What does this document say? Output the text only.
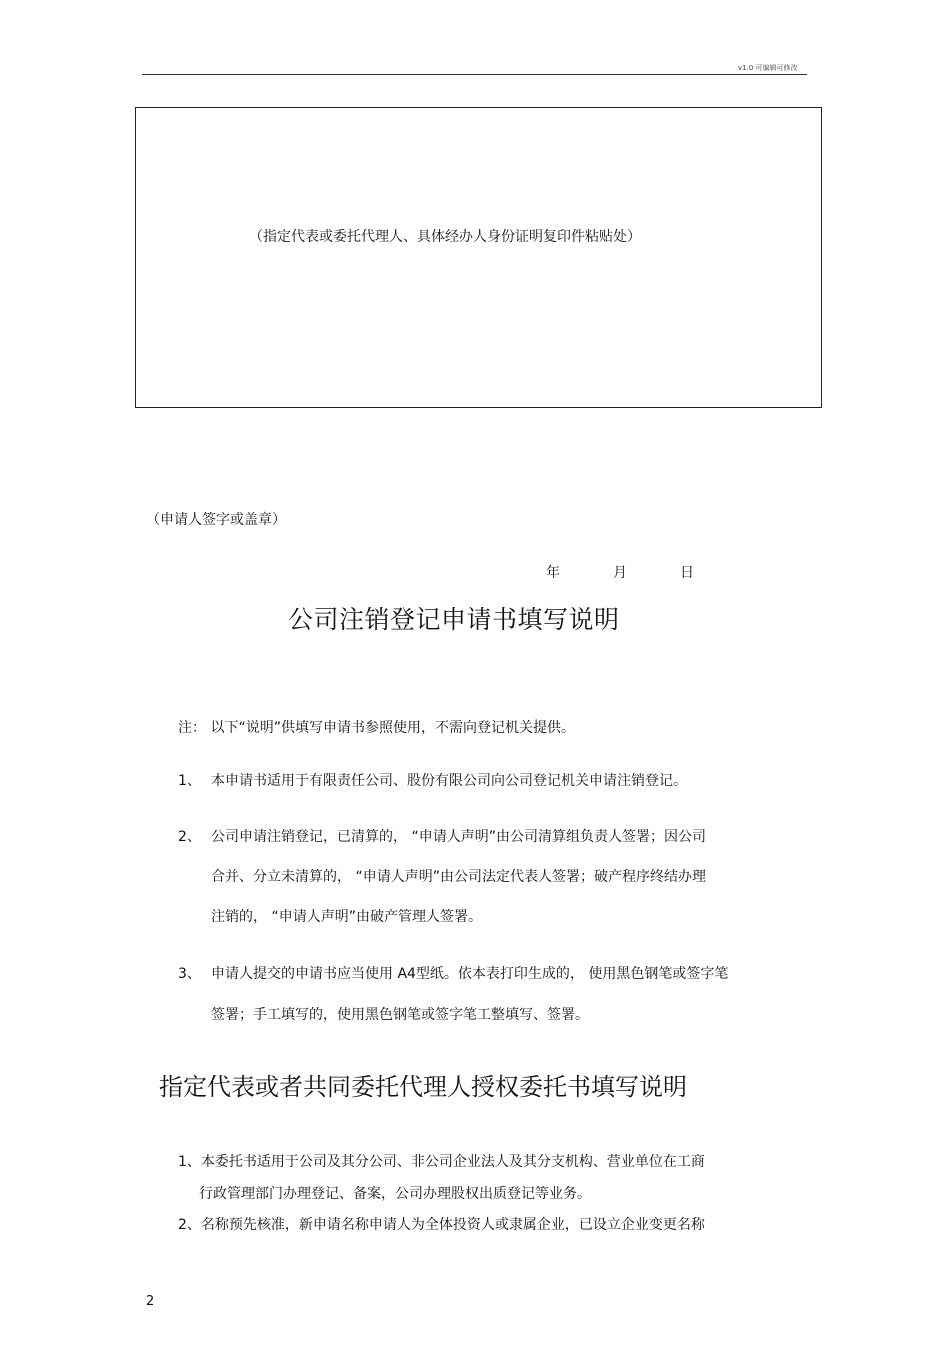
v1.0 可编辑可修改
（指定代表或委托代理人、具体经办人身份证明复印件粘贴处）
（申请人签字或盖章）
年	月	日
公司注销登记申请书填写说明
注： 以下“说明”供填写申请书参照使用，不需向登记机关提供。
1、 本申请书适用于有限责任公司、股份有限公司向公司登记机关申请注销登记。
2、 公司申请注销登记，已清算的， “申请人声明”由公司清算组负责人签署；因公司
合并、分立未清算的， “申请人声明”由公司法定代表人签署；破产程序终结办理
注销的， “申请人声明”由破产管理人签署。
3、 申请人提交的申请书应当使用 A4型纸。依本表打印生成的， 使用黑色钢笔或签字笔
签署；手工填写的，使用黑色钢笔或签字笔工整填写、签署。
指定代表或者共同委托代理人授权委托书填写说明
1、本委托书适用于公司及其分公司、非公司企业法人及其分支机构、营业单位在工商
行政管理部门办理登记、备案，公司办理股权出质登记等业务。
2、名称预先核准，新申请名称申请人为全体投资人或隶属企业，已设立企业变更名称
2
